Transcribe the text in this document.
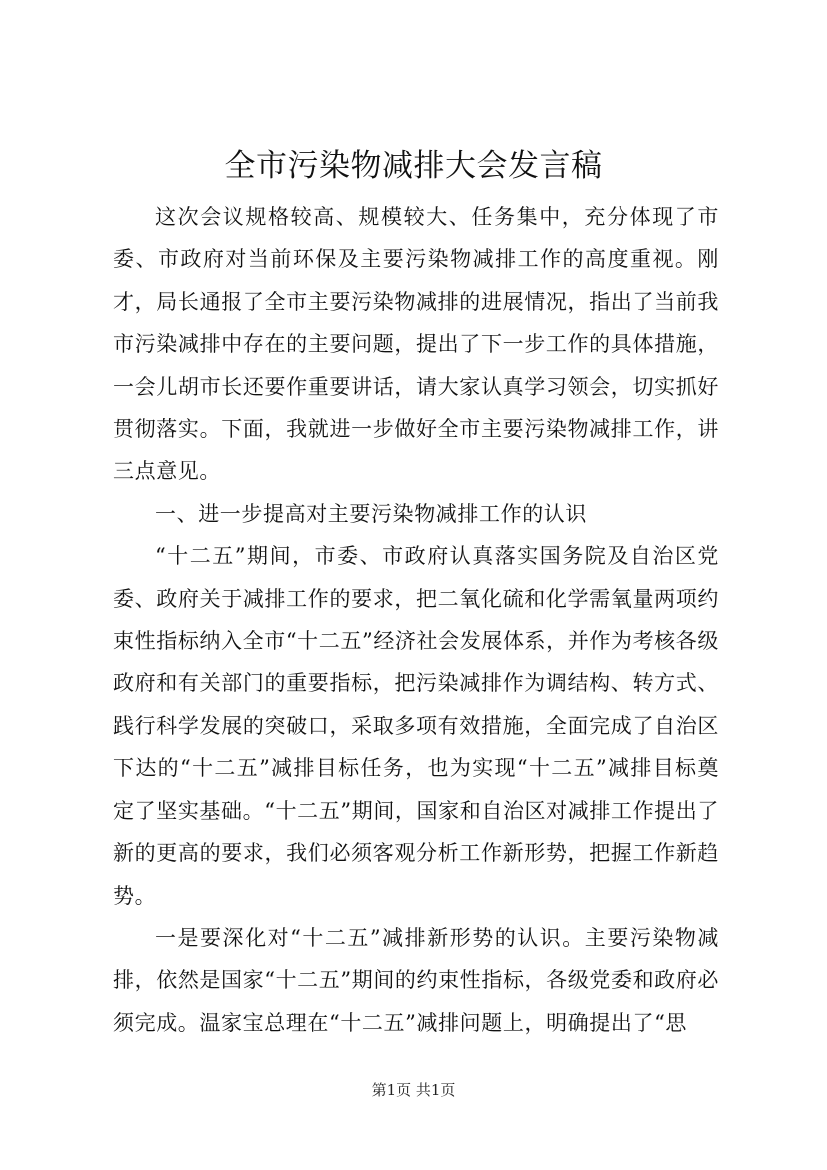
全市污染物减排大会发言稿

这次会议规格较高、规模较大、任务集中，充分体现了市委、市政府对当前环保及主要污染物减排工作的高度重视。刚才，局长通报了全市主要污染物减排的进展情况，指出了当前我市污染减排中存在的主要问题，提出了下一步工作的具体措施，一会儿胡市长还要作重要讲话，请大家认真学习领会，切实抓好贯彻落实。下面，我就进一步做好全市主要污染物减排工作，讲三点意见。

一、进一步提高对主要污染物减排工作的认识

“十二五”期间，市委、市政府认真落实国务院及自治区党委、政府关于减排工作的要求，把二氧化硫和化学需氧量两项约束性指标纳入全市“十二五”经济社会发展体系，并作为考核各级政府和有关部门的重要指标，把污染减排作为调结构、转方式、践行科学发展的突破口，采取多项有效措施，全面完成了自治区下达的“十二五”减排目标任务，也为实现“十二五”减排目标奠定了坚实基础。“十二五”期间，国家和自治区对减排工作提出了新的更高的要求，我们必须客观分析工作新形势，把握工作新趋势。

一是要深化对“十二五”减排新形势的认识。主要污染物减排，依然是国家“十二五”期间的约束性指标，各级党委和政府必须完成。温家宝总理在“十二五”减排问题上，明确提出了“思

第1页 共1页
